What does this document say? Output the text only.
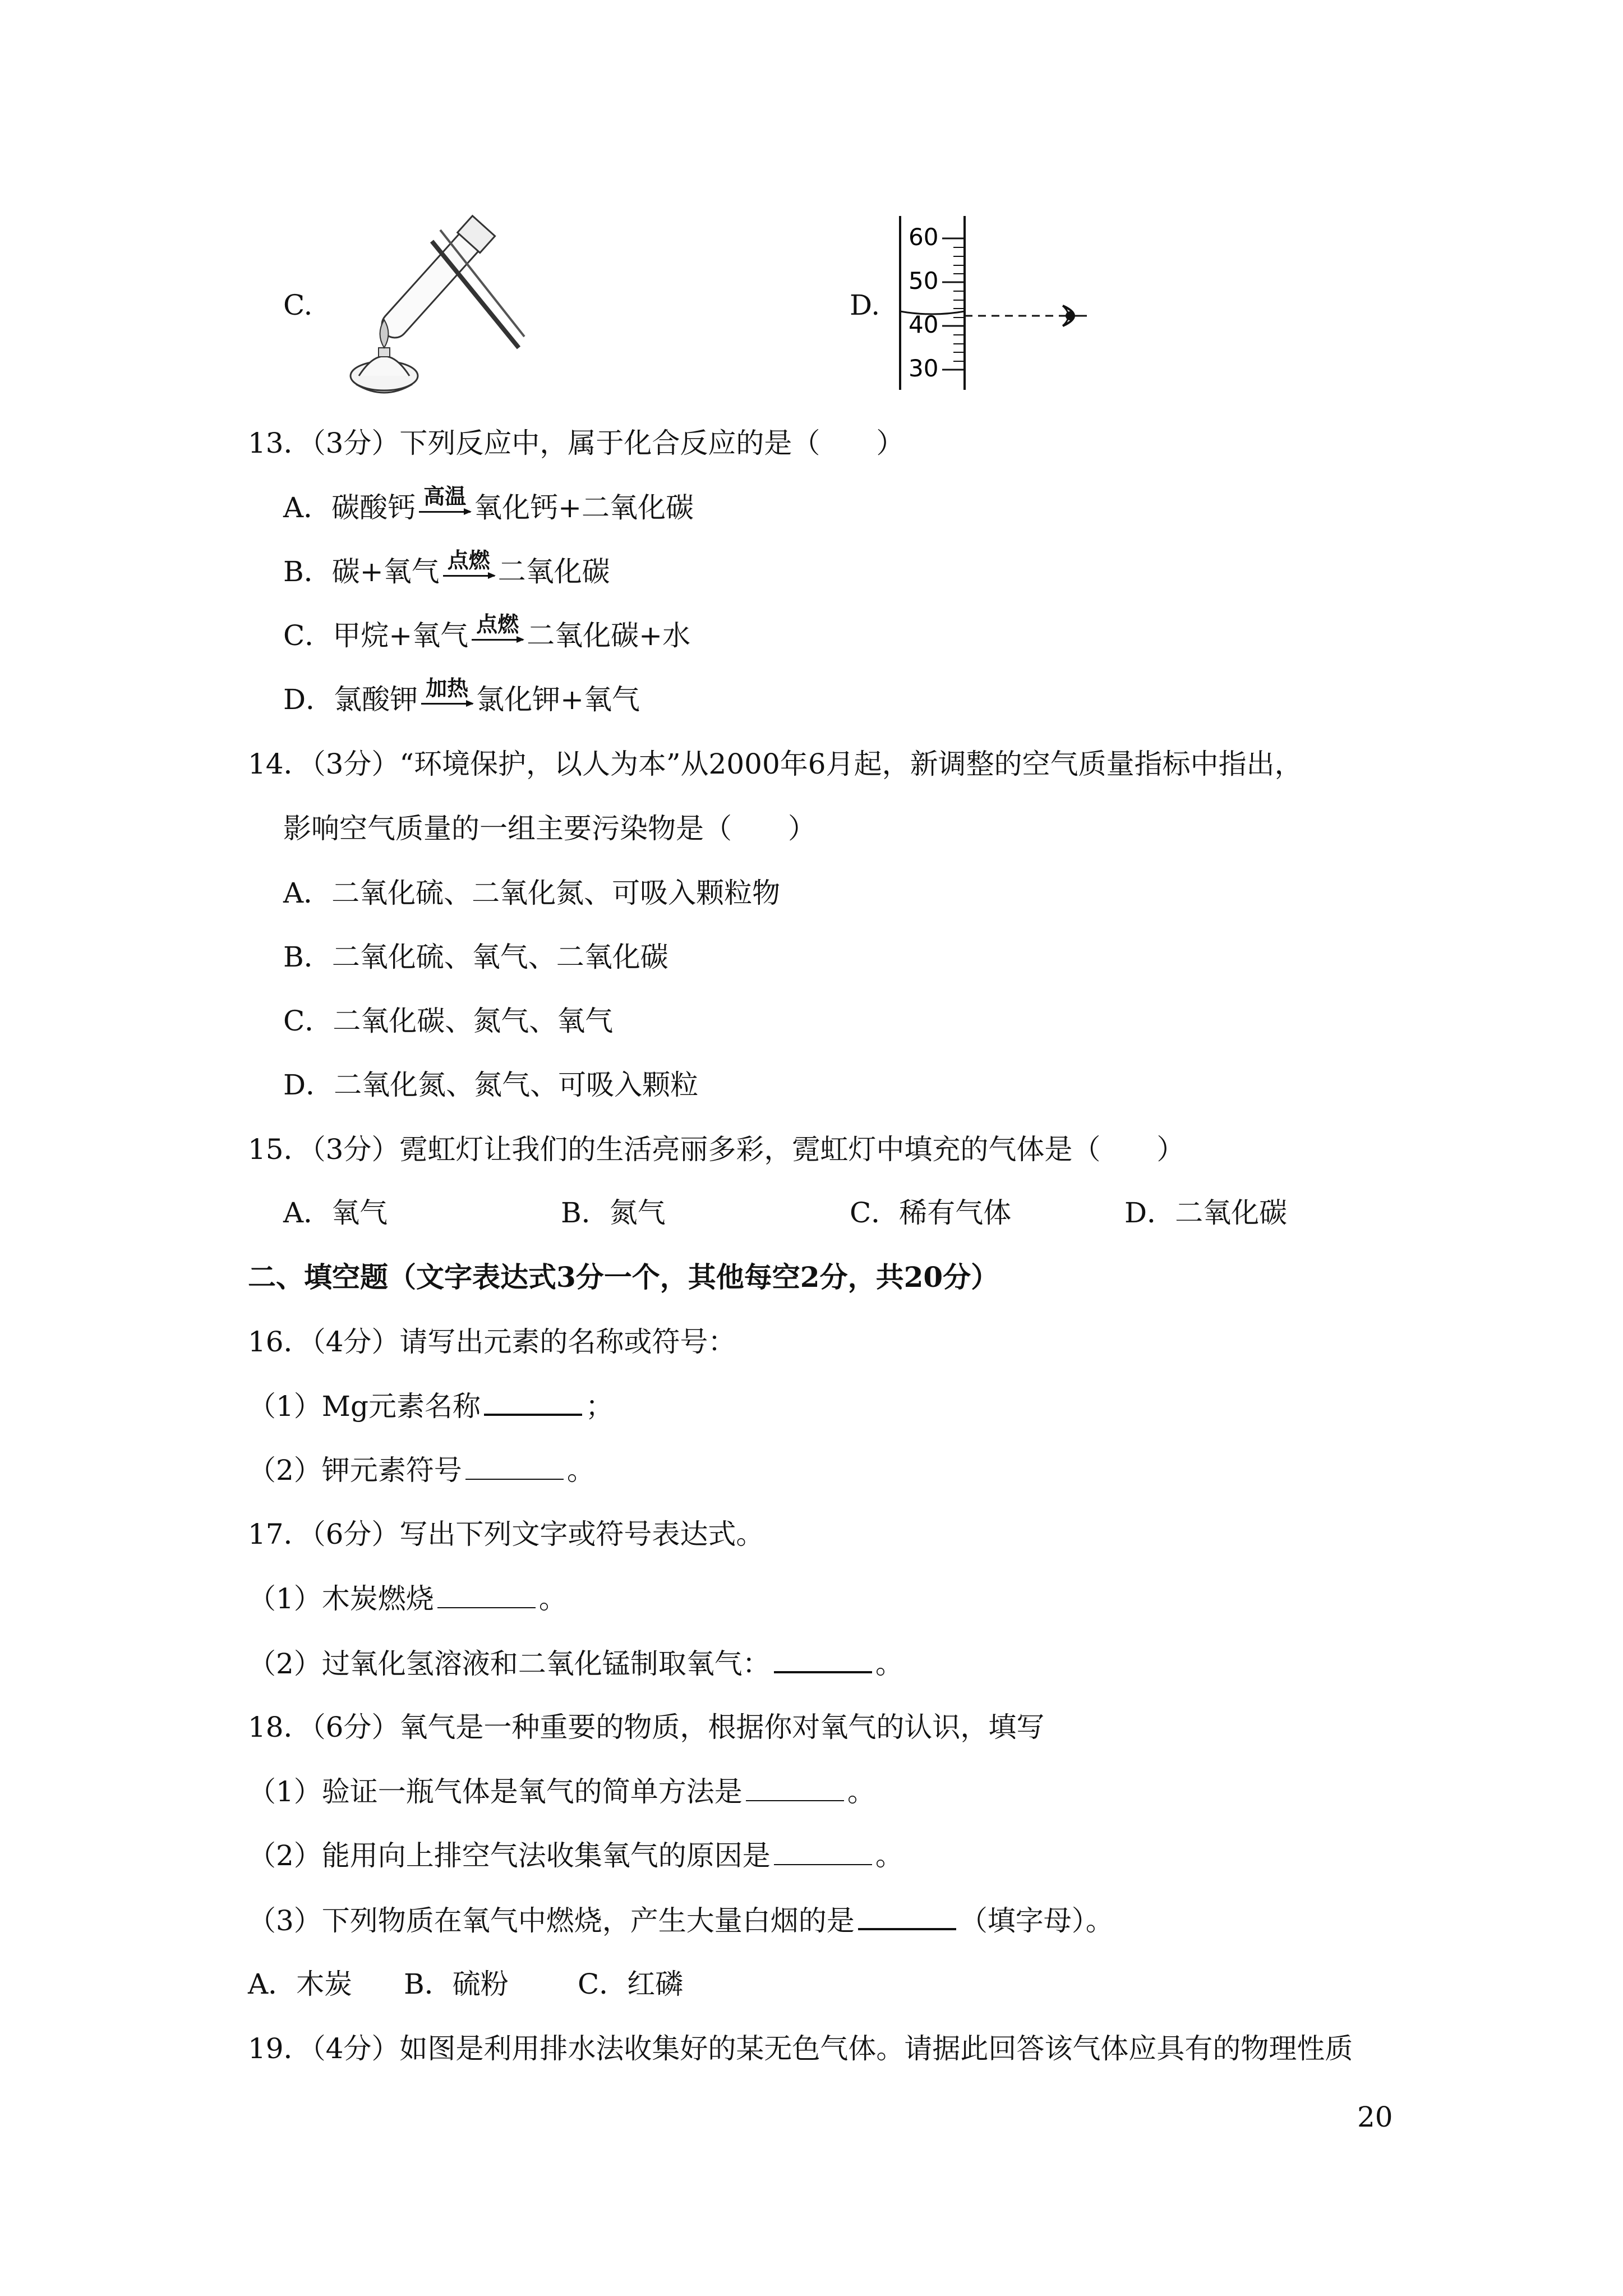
C.	D.
60
50
40
30
13．（3分）下列反应中，属于化合反应的是（　　）
A．碳酸钙 高温 氧化钙+二氧化碳
B．碳+氧气 点燃 二氧化碳
C．甲烷+氧气 点燃 二氧化碳+水
D．氯酸钾 加热 氯化钾+氧气
14．（3分）“环境保护，以人为本”从2000年6月起，新调整的空气质量指标中指出，
影响空气质量的一组主要污染物是（　　）
A．二氧化硫、二氧化氮、可吸入颗粒物
B．二氧化硫、氧气、二氧化碳
C．二氧化碳、氮气、氧气
D．二氧化氮、氮气、可吸入颗粒
15．（3分）霓虹灯让我们的生活亮丽多彩，霓虹灯中填充的气体是（　　）
A．氧气	B．氮气	C．稀有气体	D．二氧化碳
二、填空题（文字表达式3分一个，其他每空2分，共20分）
16．（4分）请写出元素的名称或符号：
（1）Mg元素名称	；
（2）钾元素符号	。
17．（6分）写出下列文字或符号表达式。
（1）木炭燃烧	。
（2）过氧化氢溶液和二氧化锰制取氧气：	。
18．（6分）氧气是一种重要的物质，根据你对氧气的认识，填写
（1）验证一瓶气体是氧气的简单方法是	。
（2）能用向上排空气法收集氧气的原因是	。
（3）下列物质在氧气中燃烧，产生大量白烟的是	（填字母）。
A．木炭 B．硫粉 C．红磷
19．（4分）如图是利用排水法收集好的某无色气体。请据此回答该气体应具有的物理性质
20
